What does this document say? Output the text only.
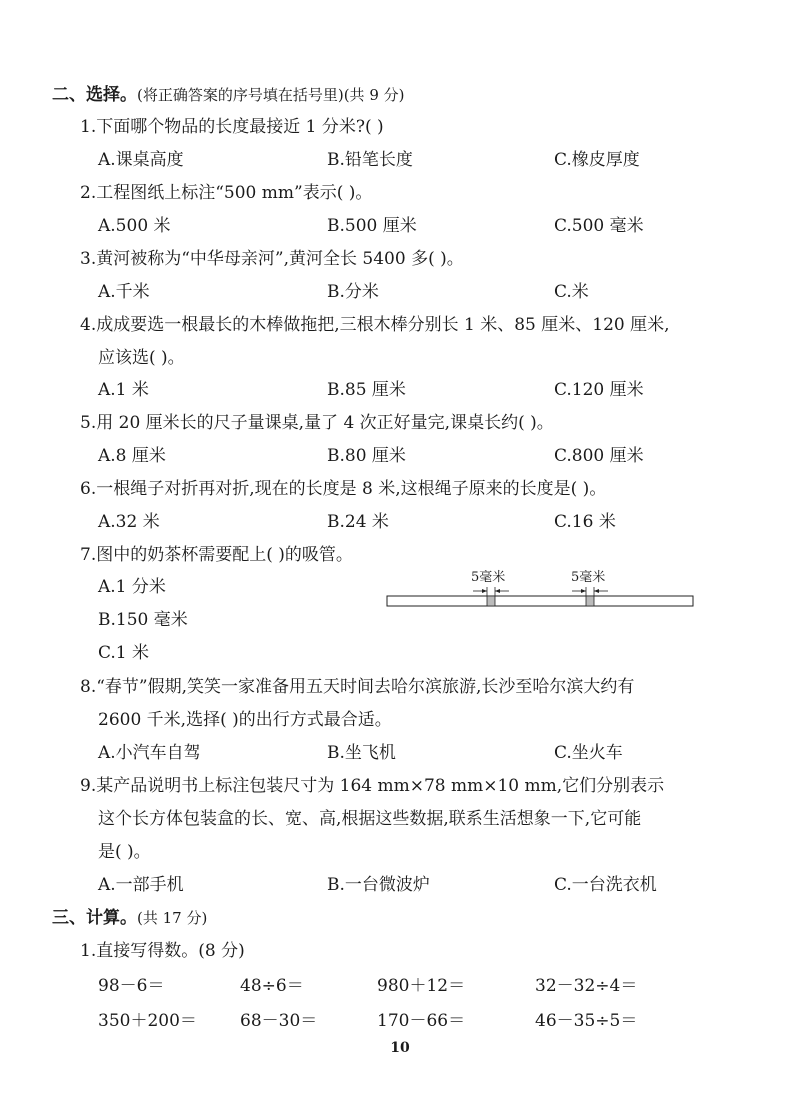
二、选择。(将正确答案的序号填在括号里)(共 9 分)
1.下面哪个物品的长度最接近 1 分米?( )
A.课桌高度	B.铅笔长度	C.橡皮厚度
2.工程图纸上标注“500 mm”表示( )。
A.500 米	B.500 厘米	C.500 毫米
3.黄河被称为“中华母亲河”,黄河全长 5400 多( )。
A.千米	B.分米	C.米
4.成成要选一根最长的木棒做拖把,三根木棒分别长 1 米、85 厘米、120 厘米,
应该选( )。
A.1 米	B.85 厘米	C.120 厘米
5.用 20 厘米长的尺子量课桌,量了 4 次正好量完,课桌长约( )。
A.8 厘米	B.80 厘米	C.800 厘米
6.一根绳子对折再对折,现在的长度是 8 米,这根绳子原来的长度是( )。
A.32 米	B.24 米	C.16 米
7.图中的奶茶杯需要配上( )的吸管。
A.1 分米
B.150 毫米
C.1 米
5毫米	5毫米
8.“春节”假期,笑笑一家准备用五天时间去哈尔滨旅游,长沙至哈尔滨大约有
2600 千米,选择( )的出行方式最合适。
A.小汽车自驾	B.坐飞机	C.坐火车
9.某产品说明书上标注包装尺寸为 164 mm×78 mm×10 mm,它们分别表示
这个长方体包装盒的长、宽、高,根据这些数据,联系生活想象一下,它可能
是( )。
A.一部手机	B.一台微波炉	C.一台洗衣机
三、计算。(共 17 分)
1.直接写得数。(8 分)
98－6＝	48÷6＝	980＋12＝	32－32÷4＝
350＋200＝	68－30＝	170－66＝	46－35÷5＝
10
